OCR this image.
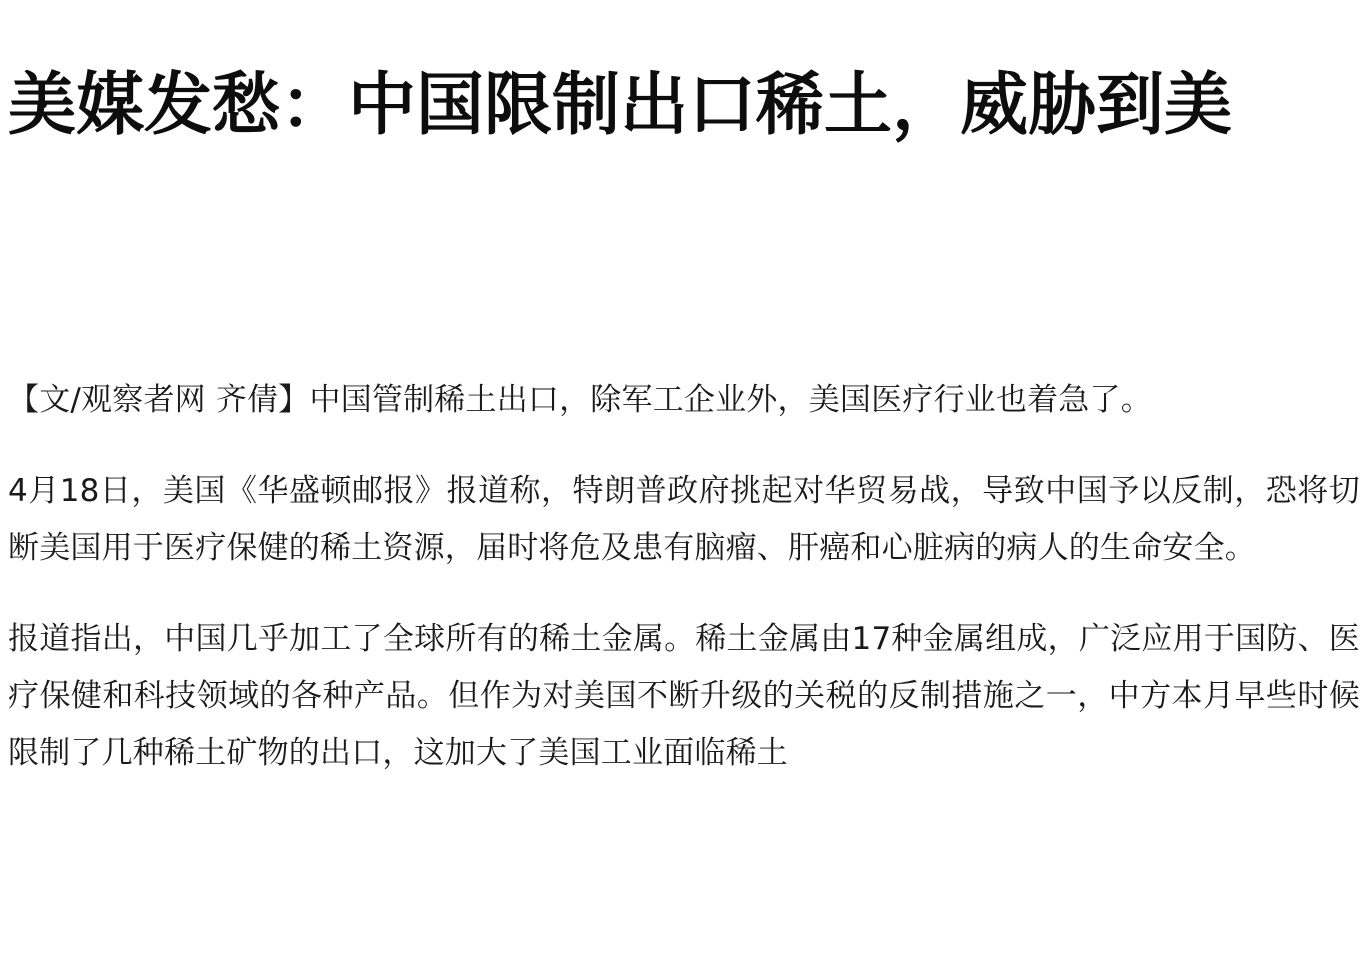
美媒发愁：中国限制出口稀土，威胁到美

【文/观察者网 齐倩】中国管制稀土出口，除军工企业外，美国医疗行业也着急了。

4月18日，美国《华盛顿邮报》报道称，特朗普政府挑起对华贸易战，导致中国予以反制，恐将切断美国用于医疗保健的稀土资源，届时将危及患有脑瘤、肝癌和心脏病的病人的生命安全。

报道指出，中国几乎加工了全球所有的稀土金属。稀土金属由17种金属组成，广泛应用于国防、医疗保健和科技领域的各种产品。但作为对美国不断升级的关税的反制措施之一，中方本月早些时候限制了几种稀土矿物的出口，这加大了美国工业面临稀土
